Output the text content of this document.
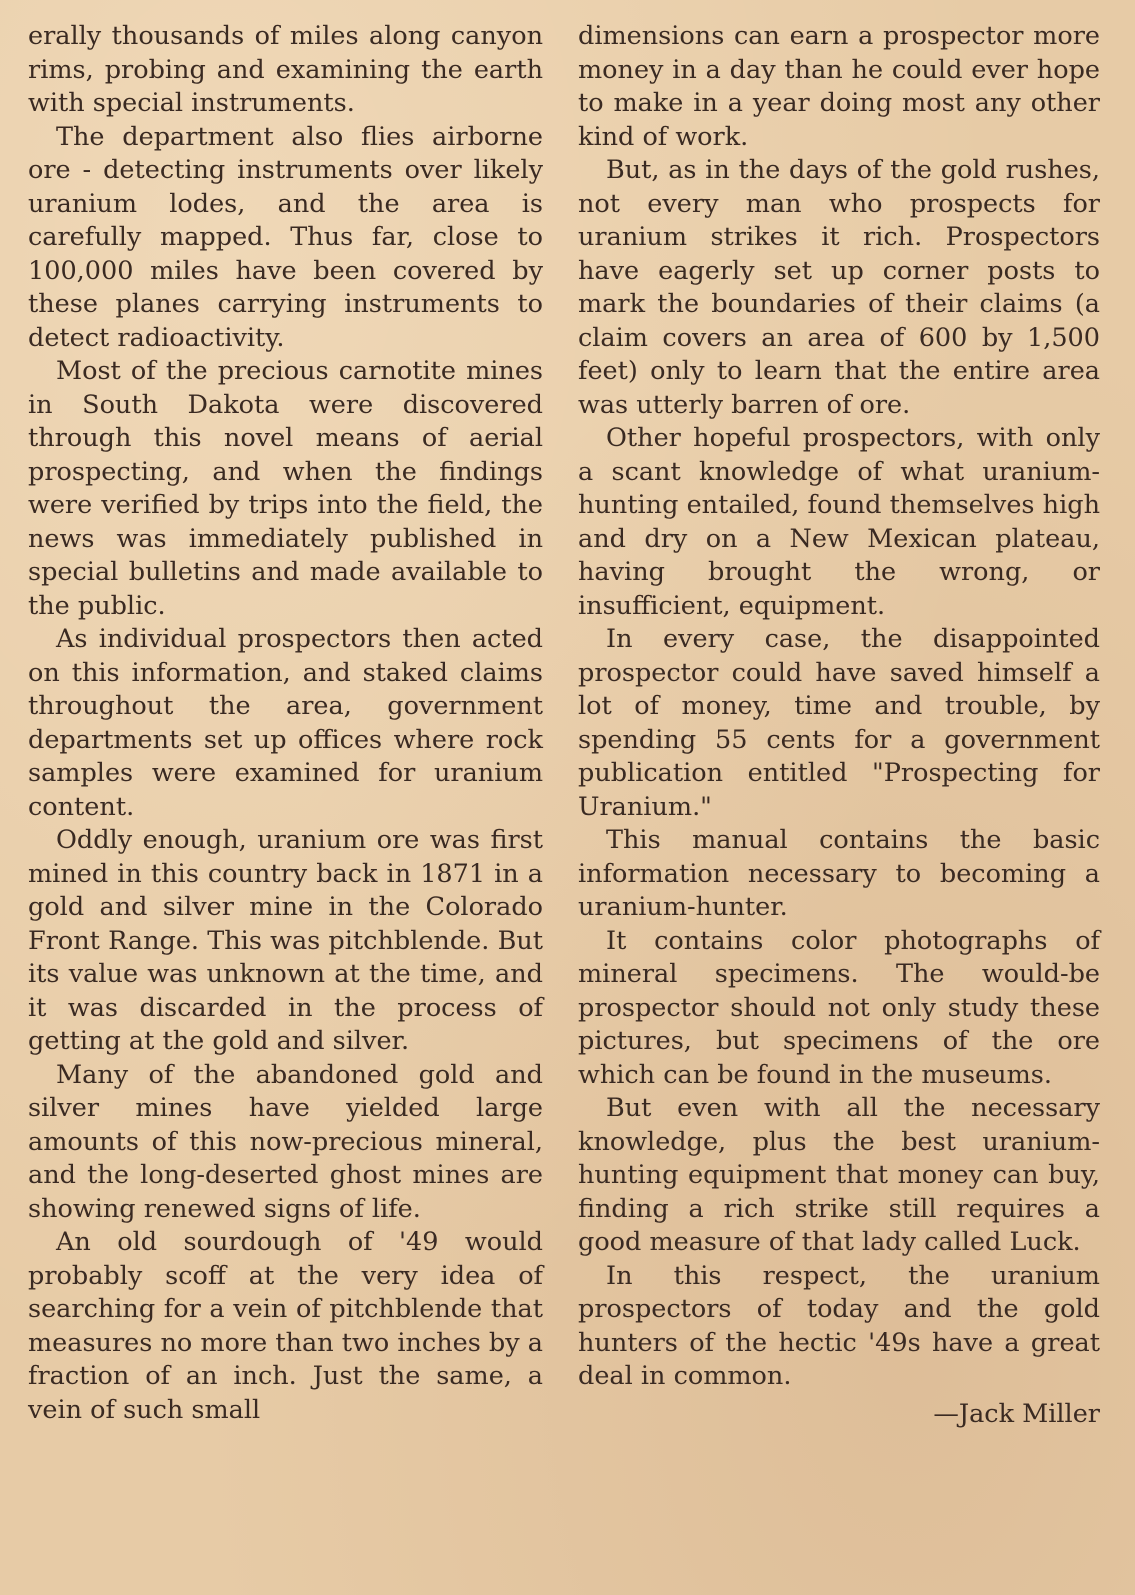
erally thousands of miles along canyon rims, probing and examining the earth with special instruments.

The department also flies airborne ore - detecting instruments over likely uranium lodes, and the area is carefully mapped. Thus far, close to 100,000 miles have been covered by these planes carrying instruments to detect radioactivity.

Most of the precious carnotite mines in South Dakota were discovered through this novel means of aerial prospecting, and when the findings were verified by trips into the field, the news was immediately published in special bulletins and made available to the public.

As individual prospectors then acted on this information, and staked claims throughout the area, government departments set up offices where rock samples were examined for uranium content.

Oddly enough, uranium ore was first mined in this country back in 1871 in a gold and silver mine in the Colorado Front Range. This was pitchblende. But its value was unknown at the time, and it was discarded in the process of getting at the gold and silver.

Many of the abandoned gold and silver mines have yielded large amounts of this now-precious mineral, and the long-deserted ghost mines are showing renewed signs of life.

An old sourdough of '49 would probably scoff at the very idea of searching for a vein of pitchblende that measures no more than two inches by a fraction of an inch. Just the same, a vein of such small

dimensions can earn a prospector more money in a day than he could ever hope to make in a year doing most any other kind of work.

But, as in the days of the gold rushes, not every man who prospects for uranium strikes it rich. Prospectors have eagerly set up corner posts to mark the boundaries of their claims (a claim covers an area of 600 by 1,500 feet) only to learn that the entire area was utterly barren of ore.

Other hopeful prospectors, with only a scant knowledge of what uranium-hunting entailed, found themselves high and dry on a New Mexican plateau, having brought the wrong, or insufficient, equipment.

In every case, the disappointed prospector could have saved himself a lot of money, time and trouble, by spending 55 cents for a government publication entitled "Prospecting for Uranium."

This manual contains the basic information necessary to becoming a uranium-hunter.

It contains color photographs of mineral specimens. The would-be prospector should not only study these pictures, but specimens of the ore which can be found in the museums.

But even with all the necessary knowledge, plus the best uranium-hunting equipment that money can buy, finding a rich strike still requires a good measure of that lady called Luck.

In this respect, the uranium prospectors of today and the gold hunters of the hectic '49s have a great deal in common.

—Jack Miller
